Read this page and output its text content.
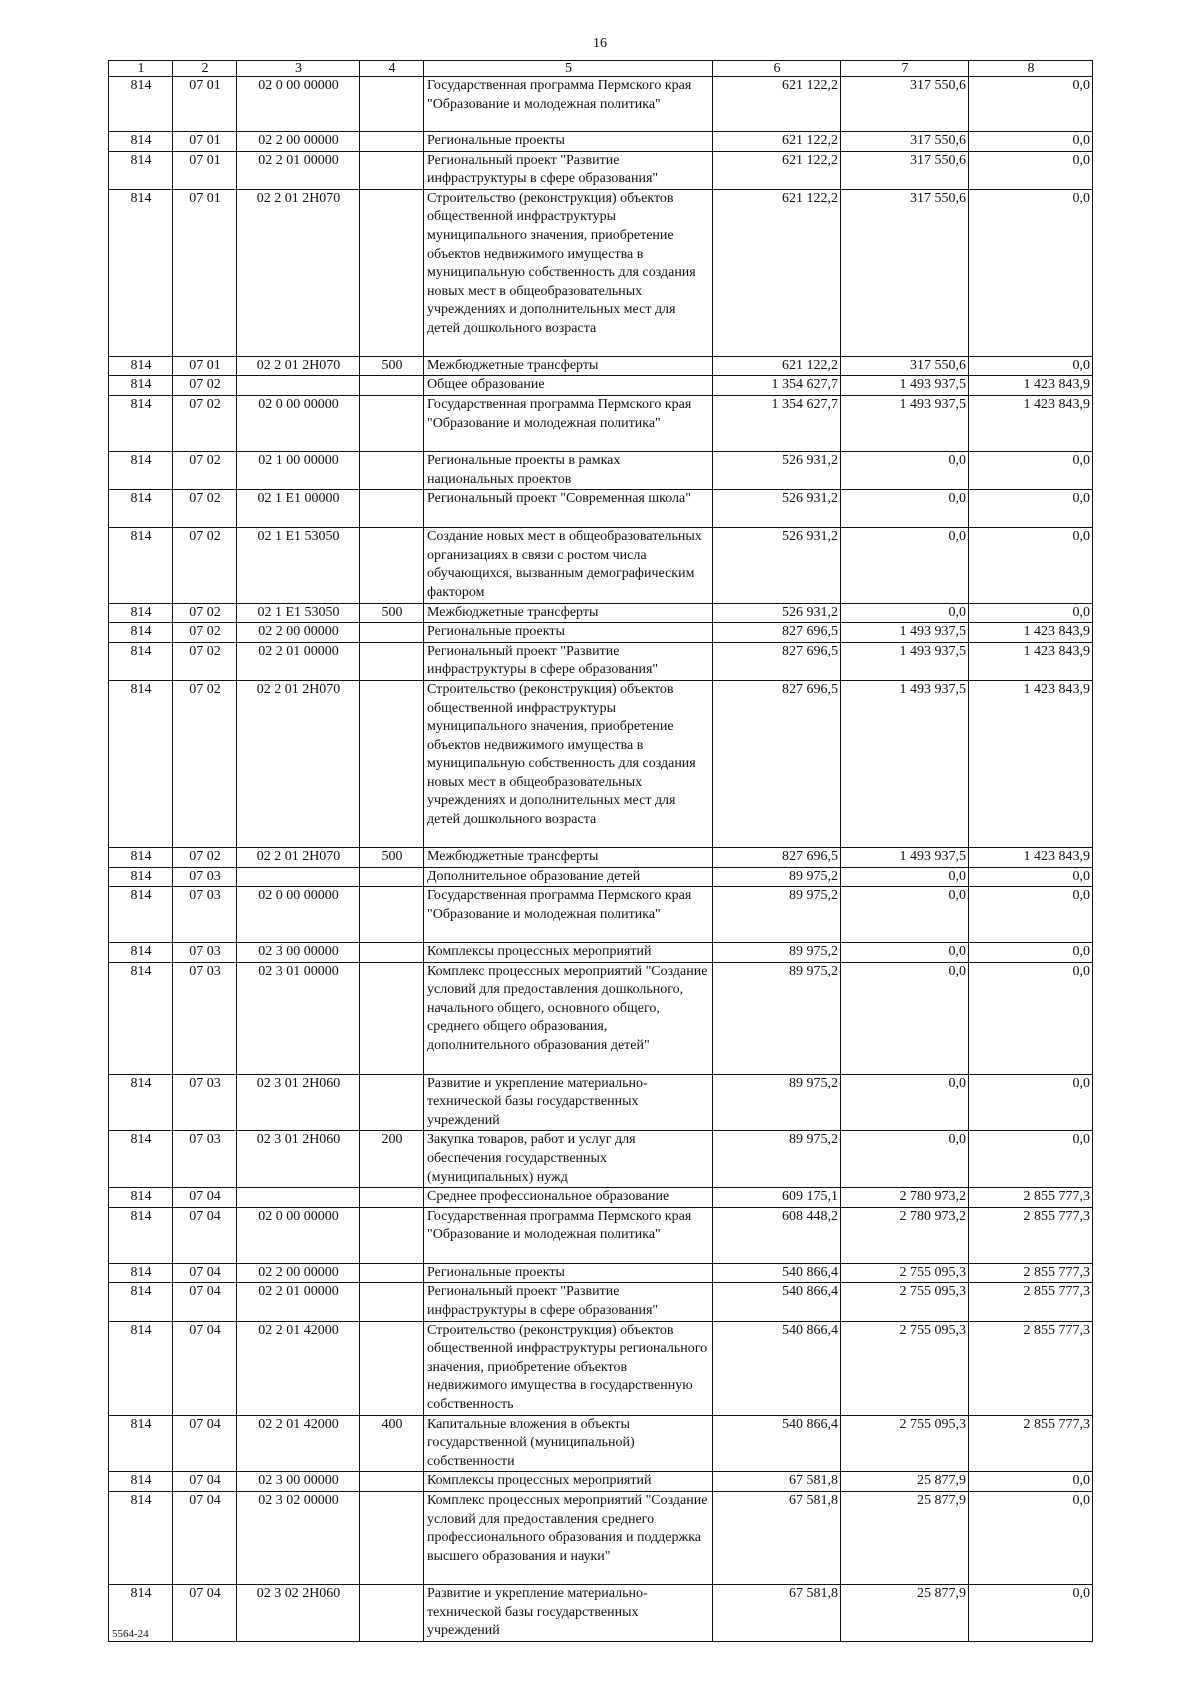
16
1	2	3	4	5	6	7	8
814	07 01	02 0 00 00000		Государственная программа Пермского края "Образование и молодежная политика"	621 122,2	317 550,6	0,0
814	07 01	02 2 00 00000		Региональные проекты	621 122,2	317 550,6	0,0
814	07 01	02 2 01 00000		Региональный проект "Развитие инфраструктуры в сфере образования"	621 122,2	317 550,6	0,0
814	07 01	02 2 01 2Н070		Строительство (реконструкция) объектов общественной инфраструктуры муниципального значения, приобретение объектов недвижимого имущества в муниципальную собственность для создания новых мест в общеобразовательных учреждениях и дополнительных мест для детей дошкольного возраста	621 122,2	317 550,6	0,0
814	07 01	02 2 01 2Н070	500	Межбюджетные трансферты	621 122,2	317 550,6	0,0
814	07 02			Общее образование	1 354 627,7	1 493 937,5	1 423 843,9
814	07 02	02 0 00 00000		Государственная программа Пермского края "Образование и молодежная политика"	1 354 627,7	1 493 937,5	1 423 843,9
814	07 02	02 1 00 00000		Региональные проекты в рамках национальных проектов	526 931,2	0,0	0,0
814	07 02	02 1 E1 00000		Региональный проект "Современная школа"	526 931,2	0,0	0,0
814	07 02	02 1 E1 53050		Создание новых мест в общеобразовательных организациях в связи с ростом числа обучающихся, вызванным демографическим фактором	526 931,2	0,0	0,0
814	07 02	02 1 E1 53050	500	Межбюджетные трансферты	526 931,2	0,0	0,0
814	07 02	02 2 00 00000		Региональные проекты	827 696,5	1 493 937,5	1 423 843,9
814	07 02	02 2 01 00000		Региональный проект "Развитие инфраструктуры в сфере образования"	827 696,5	1 493 937,5	1 423 843,9
814	07 02	02 2 01 2Н070		Строительство (реконструкция) объектов общественной инфраструктуры муниципального значения, приобретение объектов недвижимого имущества в муниципальную собственность для создания новых мест в общеобразовательных учреждениях и дополнительных мест для детей дошкольного возраста	827 696,5	1 493 937,5	1 423 843,9
814	07 02	02 2 01 2Н070	500	Межбюджетные трансферты	827 696,5	1 493 937,5	1 423 843,9
814	07 03			Дополнительное образование детей	89 975,2	0,0	0,0
814	07 03	02 0 00 00000		Государственная программа Пермского края "Образование и молодежная политика"	89 975,2	0,0	0,0
814	07 03	02 3 00 00000		Комплексы процессных мероприятий	89 975,2	0,0	0,0
814	07 03	02 3 01 00000		Комплекс процессных мероприятий "Создание условий для предоставления дошкольного, начального общего, основного общего, среднего общего образования, дополнительного образования детей"	89 975,2	0,0	0,0
814	07 03	02 3 01 2Н060		Развитие и укрепление материально-технической базы государственных учреждений	89 975,2	0,0	0,0
814	07 03	02 3 01 2Н060	200	Закупка товаров, работ и услуг для обеспечения государственных (муниципальных) нужд	89 975,2	0,0	0,0
814	07 04			Среднее профессиональное образование	609 175,1	2 780 973,2	2 855 777,3
814	07 04	02 0 00 00000		Государственная программа Пермского края "Образование и молодежная политика"	608 448,2	2 780 973,2	2 855 777,3
814	07 04	02 2 00 00000		Региональные проекты	540 866,4	2 755 095,3	2 855 777,3
814	07 04	02 2 01 00000		Региональный проект "Развитие инфраструктуры в сфере образования"	540 866,4	2 755 095,3	2 855 777,3
814	07 04	02 2 01 42000		Строительство (реконструкция) объектов общественной инфраструктуры регионального значения, приобретение объектов недвижимого имущества в государственную собственность	540 866,4	2 755 095,3	2 855 777,3
814	07 04	02 2 01 42000	400	Капитальные вложения в объекты государственной (муниципальной) собственности	540 866,4	2 755 095,3	2 855 777,3
814	07 04	02 3 00 00000		Комплексы процессных мероприятий	67 581,8	25 877,9	0,0
814	07 04	02 3 02 00000		Комплекс процессных мероприятий "Создание условий для предоставления среднего профессионального образования и поддержка высшего образования и науки"	67 581,8	25 877,9	0,0
814	07 04	02 3 02 2Н060		Развитие и укрепление материально-технической базы государственных учреждений	67 581,8	25 877,9	0,0
5564-24
